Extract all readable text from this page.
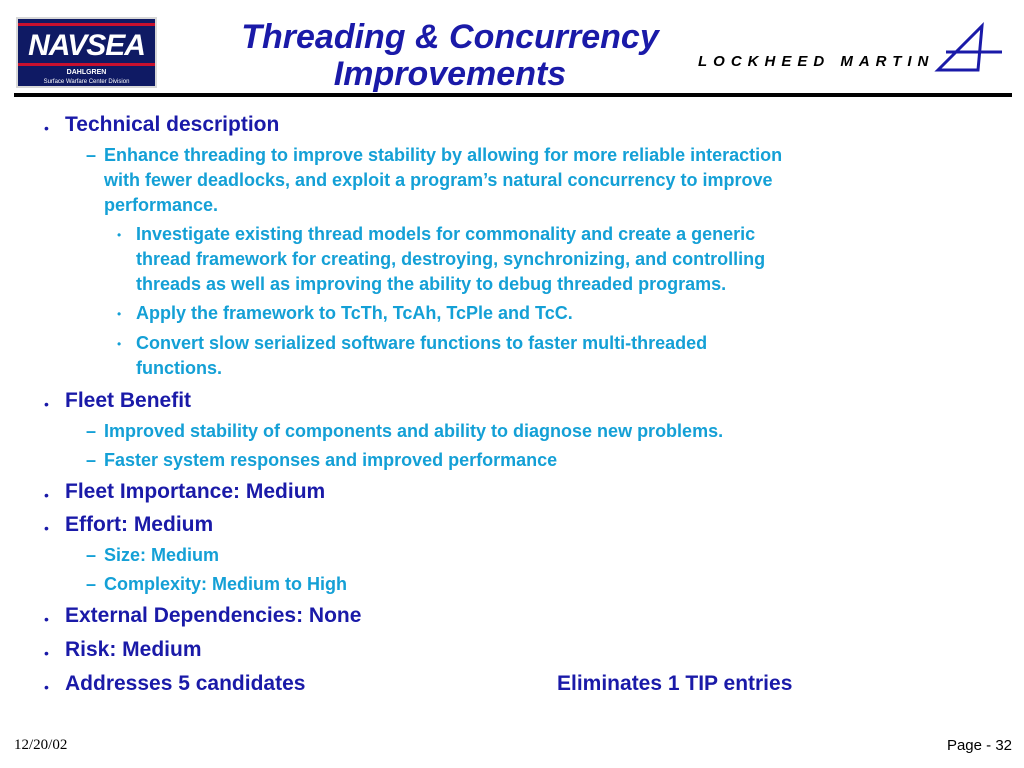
NAVSEA
DAHLGREN
Surface Warfare Center Division
Threading & Concurrency
Improvements	LOCKHEED MARTIN
• Technical description
– Enhance threading to improve stability by allowing for more reliable interaction
with fewer deadlocks, and exploit a program’s natural concurrency to improve
performance.
• Investigate existing thread models for commonality and create a generic
thread framework for creating, destroying, synchronizing, and controlling
threads as well as improving the ability to debug threaded programs.
• Apply the framework to TcTh, TcAh, TcPle and TcC.
• Convert slow serialized software functions to faster multi-threaded
functions.
• Fleet Benefit
– Improved stability of components and ability to diagnose new problems.
– Faster system responses and improved performance
• Fleet Importance: Medium
• Effort: Medium
– Size: Medium
– Complexity: Medium to High
• External Dependencies: None
• Risk: Medium
• Addresses 5 candidates	Eliminates 1 TIP entries
12/20/02	Page - 32
